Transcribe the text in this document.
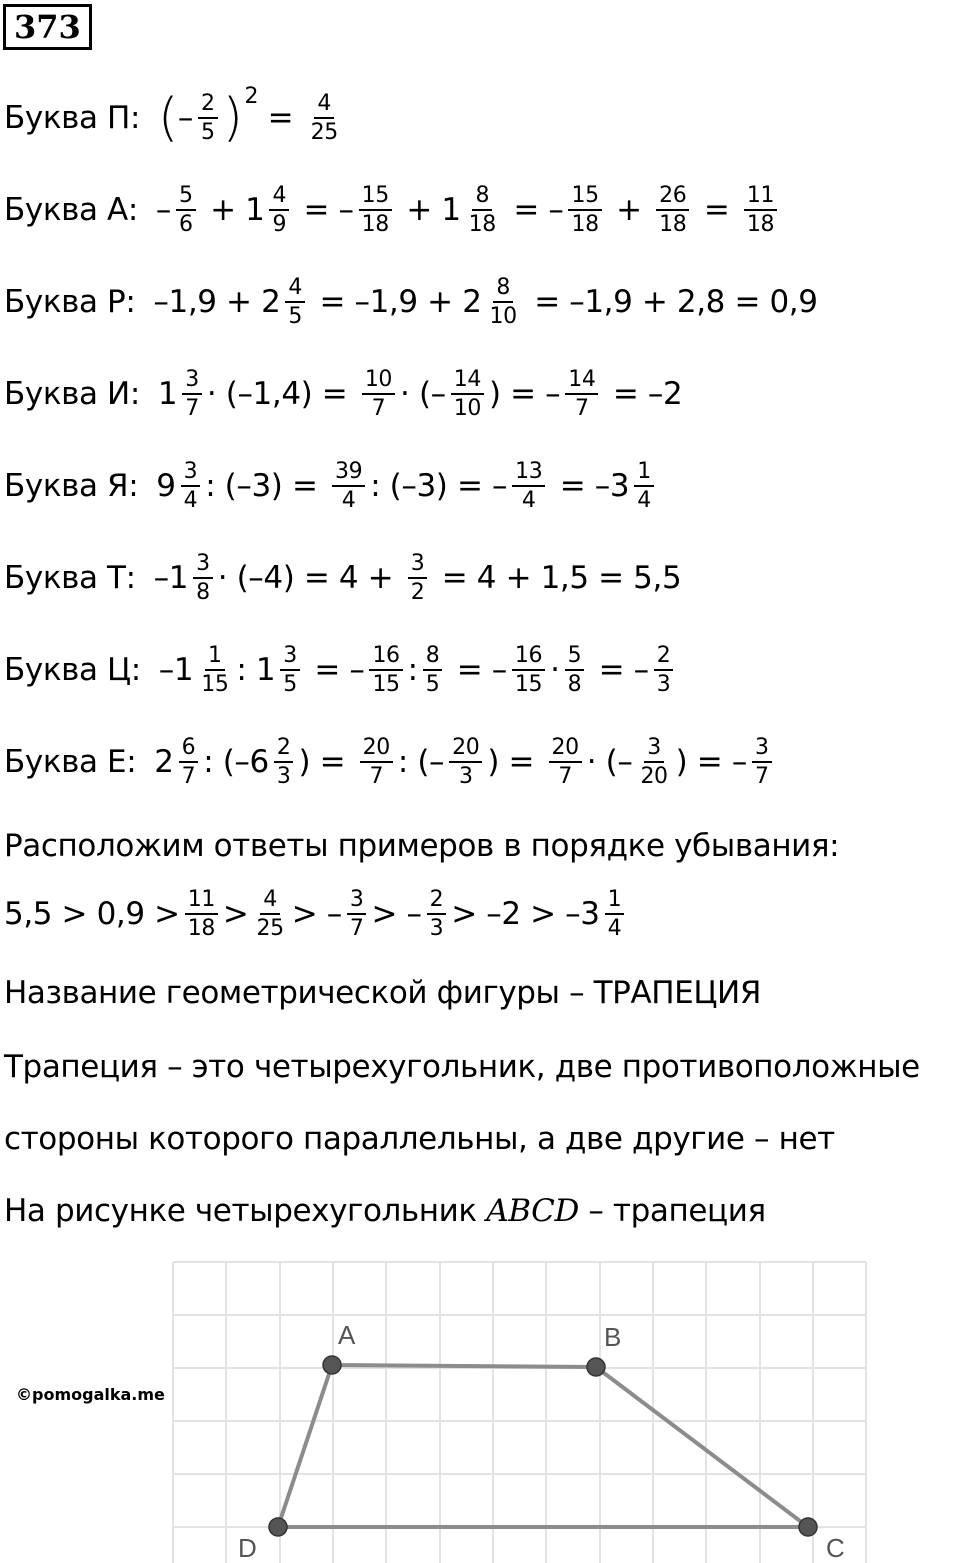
373
Буква П: ( – $\frac{2}{5}$ ) 2
= $\frac{4}{25}$
Буква А: – $\frac{5}{6} + 1 \frac{4}{9}$ = – $\frac{15}{18} + 1 \frac{8}{18}$ = – $\frac{15}{18} + \frac{26}{18} = \frac{11}{18}$
Буква Р: $-1,9 + 2 \frac{4}{5} = -1,9 + 2 \frac{8}{10} = -1,9 + 2,8 = 0,9$
Буква И: $1 \frac{3}{7} \cdot (-1,4) = \frac{10}{7}$ · (– $\frac{14}{10}$ ) = – $\frac{14}{7} = -2$
Буква Я: $9 \frac{3}{4}$ : $(-3) = \frac{39}{4}$ : (–3) = – $\frac{13}{4} = -3 \frac{1}{4}$
Буква Т: $-1 \frac{3}{8} \cdot (-4) = 4 + \frac{3}{2} = 4 + 1,5 = 5,5$
Буква Ц: $-1 \frac{1}{15}$ : $1 \frac{3}{5}$ = – $\frac{16}{15}$ : $\frac{8}{5}$ = – $\frac{16}{15} \cdot \frac{5}{8}$ = – $\frac{2}{3}$
Буква Е: $2 \frac{6}{7}$ : ($-6 \frac{2}{3}$ ) = $\frac{20}{7}$ : (– $\frac{20}{3}$ ) = $\frac{20}{7}$ · (– $\frac{3}{20}$ ) = – $\frac{3}{7}$
Расположим ответы примеров в порядке убывания:
$5,5 > 0,9 > \frac{11}{18} > \frac{4}{25}$ > – $\frac{3}{7}$ > – $\frac{2}{3} > -2 > -3 \frac{1}{4}$
Название геометрической фигуры – ТРАПЕЦИЯ
Трапеция – это четырехугольник, две противоположные
стороны которого параллельны, а две другие – нет
На рисунке четырехугольник ABCD – трапеция
A	B
C
D
©pomogalka.me
